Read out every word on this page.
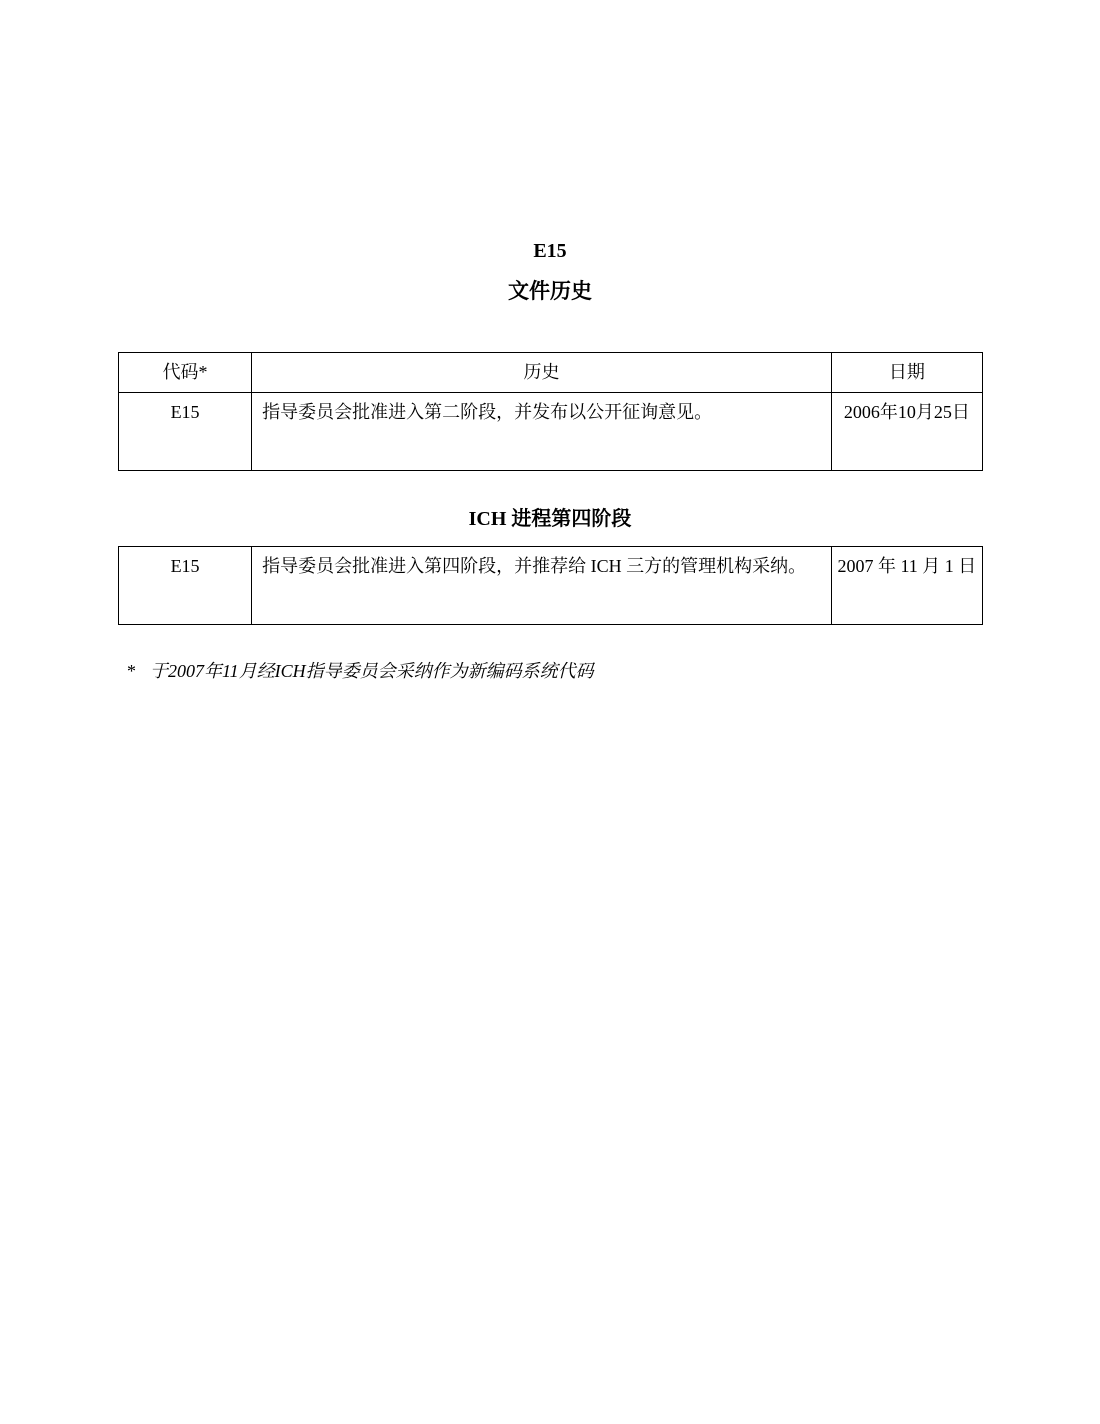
E15
文件历史
代码*	历史	日期
E15	指导委员会批准进入第二阶段，并发布以公开征询意见。	2006年10月25日
ICH 进程第四阶段
E15	指导委员会批准进入第四阶段，并推荐给 ICH 三方的管理机构采纳。	2007 年 11 月 1 日
* 于2007年11月经ICH指导委员会采纳作为新编码系统代码
